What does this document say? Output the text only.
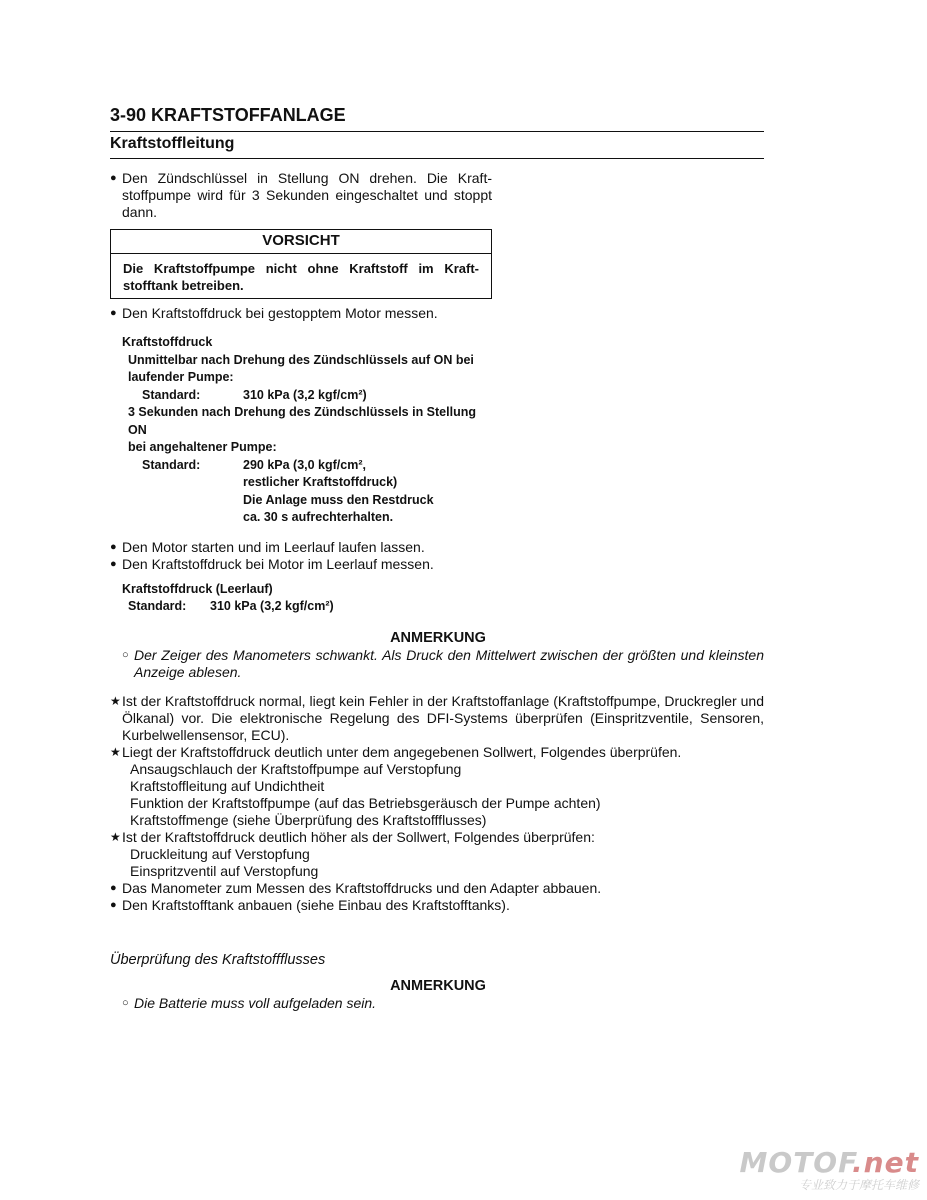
3-90 KRAFTSTOFFANLAGE
Kraftstoffleitung
● Den Zündschlüssel in Stellung ON drehen. Die Kraft-stoffpumpe wird für 3 Sekunden eingeschaltet und stoppt dann.
VORSICHT
Die Kraftstoffpumpe nicht ohne Kraftstoff im Kraft-stofftank betreiben.
● Den Kraftstoffdruck bei gestopptem Motor messen.
Kraftstoffdruck
Unmittelbar nach Drehung des Zündschlüssels auf ON bei laufender Pumpe:
Standard:	310 kPa (3,2 kgf/cm²)
3 Sekunden nach Drehung des Zündschlüssels in Stellung ON
bei angehaltener Pumpe:
Standard:	290 kPa (3,0 kgf/cm²,
restlicher Kraftstoffdruck)
Die Anlage muss den Restdruck
ca. 30 s aufrechterhalten.
● Den Motor starten und im Leerlauf laufen lassen.
● Den Kraftstoffdruck bei Motor im Leerlauf messen.
Kraftstoffdruck (Leerlauf)
Standard:	310 kPa (3,2 kgf/cm²)
ANMERKUNG
○ Der Zeiger des Manometers schwankt. Als Druck den Mittelwert zwischen der größten und kleinsten Anzeige ablesen.
★ Ist der Kraftstoffdruck normal, liegt kein Fehler in der Kraftstoffanlage (Kraftstoffpumpe, Druckregler und Ölkanal) vor. Die elektronische Regelung des DFI-Systems überprüfen (Einspritzventile, Sensoren, Kurbelwellensensor, ECU).
★ Liegt der Kraftstoffdruck deutlich unter dem angegebenen Sollwert, Folgendes überprüfen.
Ansaugschlauch der Kraftstoffpumpe auf Verstopfung
Kraftstoffleitung auf Undichtheit
Funktion der Kraftstoffpumpe (auf das Betriebsgeräusch der Pumpe achten)
Kraftstoffmenge (siehe Überprüfung des Kraftstoffflusses)
★ Ist der Kraftstoffdruck deutlich höher als der Sollwert, Folgendes überprüfen:
Druckleitung auf Verstopfung
Einspritzventil auf Verstopfung
● Das Manometer zum Messen des Kraftstoffdrucks und den Adapter abbauen.
● Den Kraftstofftank anbauen (siehe Einbau des Kraftstofftanks).
Überprüfung des Kraftstoffflusses
ANMERKUNG
○ Die Batterie muss voll aufgeladen sein.
MOTOF.net
专业致力于摩托车维修
